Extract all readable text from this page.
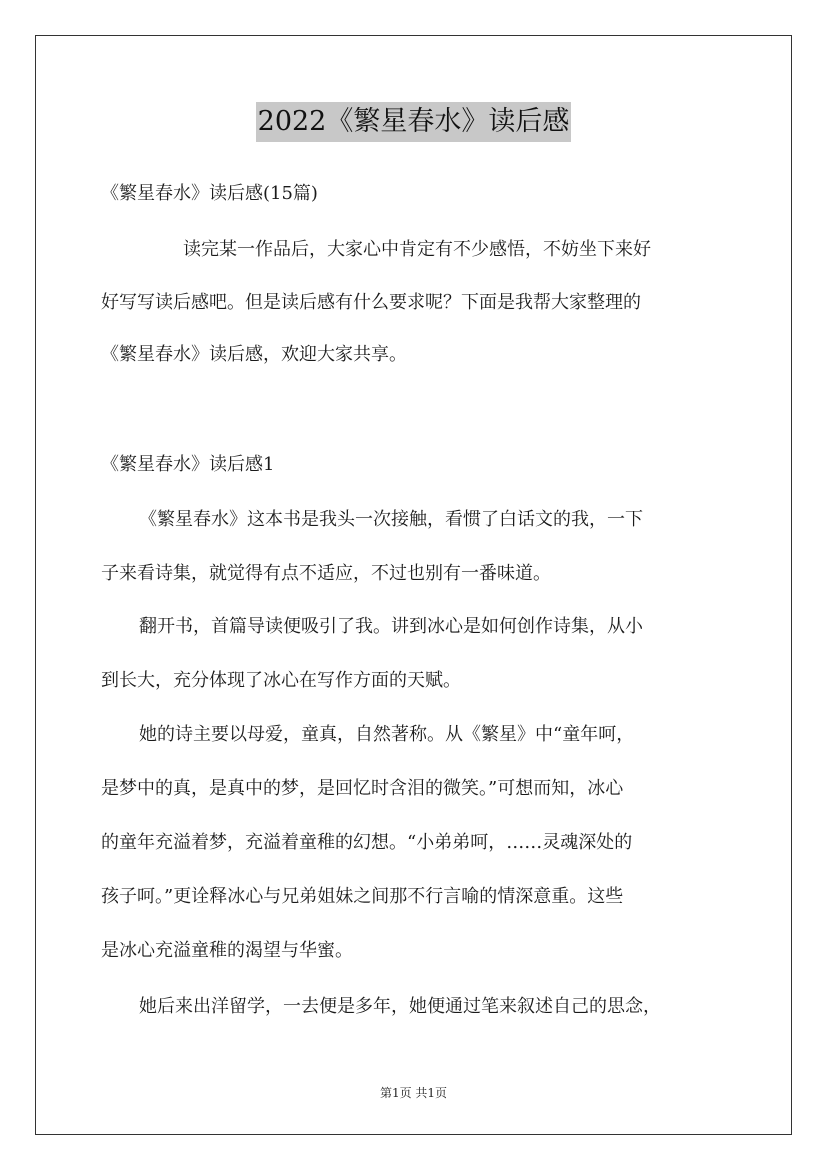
2022《繁星春水》读后感
《繁星春水》读后感(15篇)
读完某一作品后，大家心中肯定有不少感悟，不妨坐下来好
好写写读后感吧。但是读后感有什么要求呢？下面是我帮大家整理的
《繁星春水》读后感，欢迎大家共享。
《繁星春水》读后感1
《繁星春水》这本书是我头一次接触，看惯了白话文的我，一下
子来看诗集，就觉得有点不适应，不过也别有一番味道。
翻开书，首篇导读便吸引了我。讲到冰心是如何创作诗集，从小
到长大，充分体现了冰心在写作方面的天赋。
她的诗主要以母爱，童真，自然著称。从《繁星》中“童年呵，
是梦中的真，是真中的梦，是回忆时含泪的微笑。”可想而知，冰心
的童年充溢着梦，充溢着童稚的幻想。“小弟弟呵，……灵魂深处的
孩子呵。”更诠释冰心与兄弟姐妹之间那不行言喻的情深意重。这些
是冰心充溢童稚的渴望与华蜜。
她后来出洋留学，一去便是多年，她便通过笔来叙述自己的思念，
第1页 共1页
